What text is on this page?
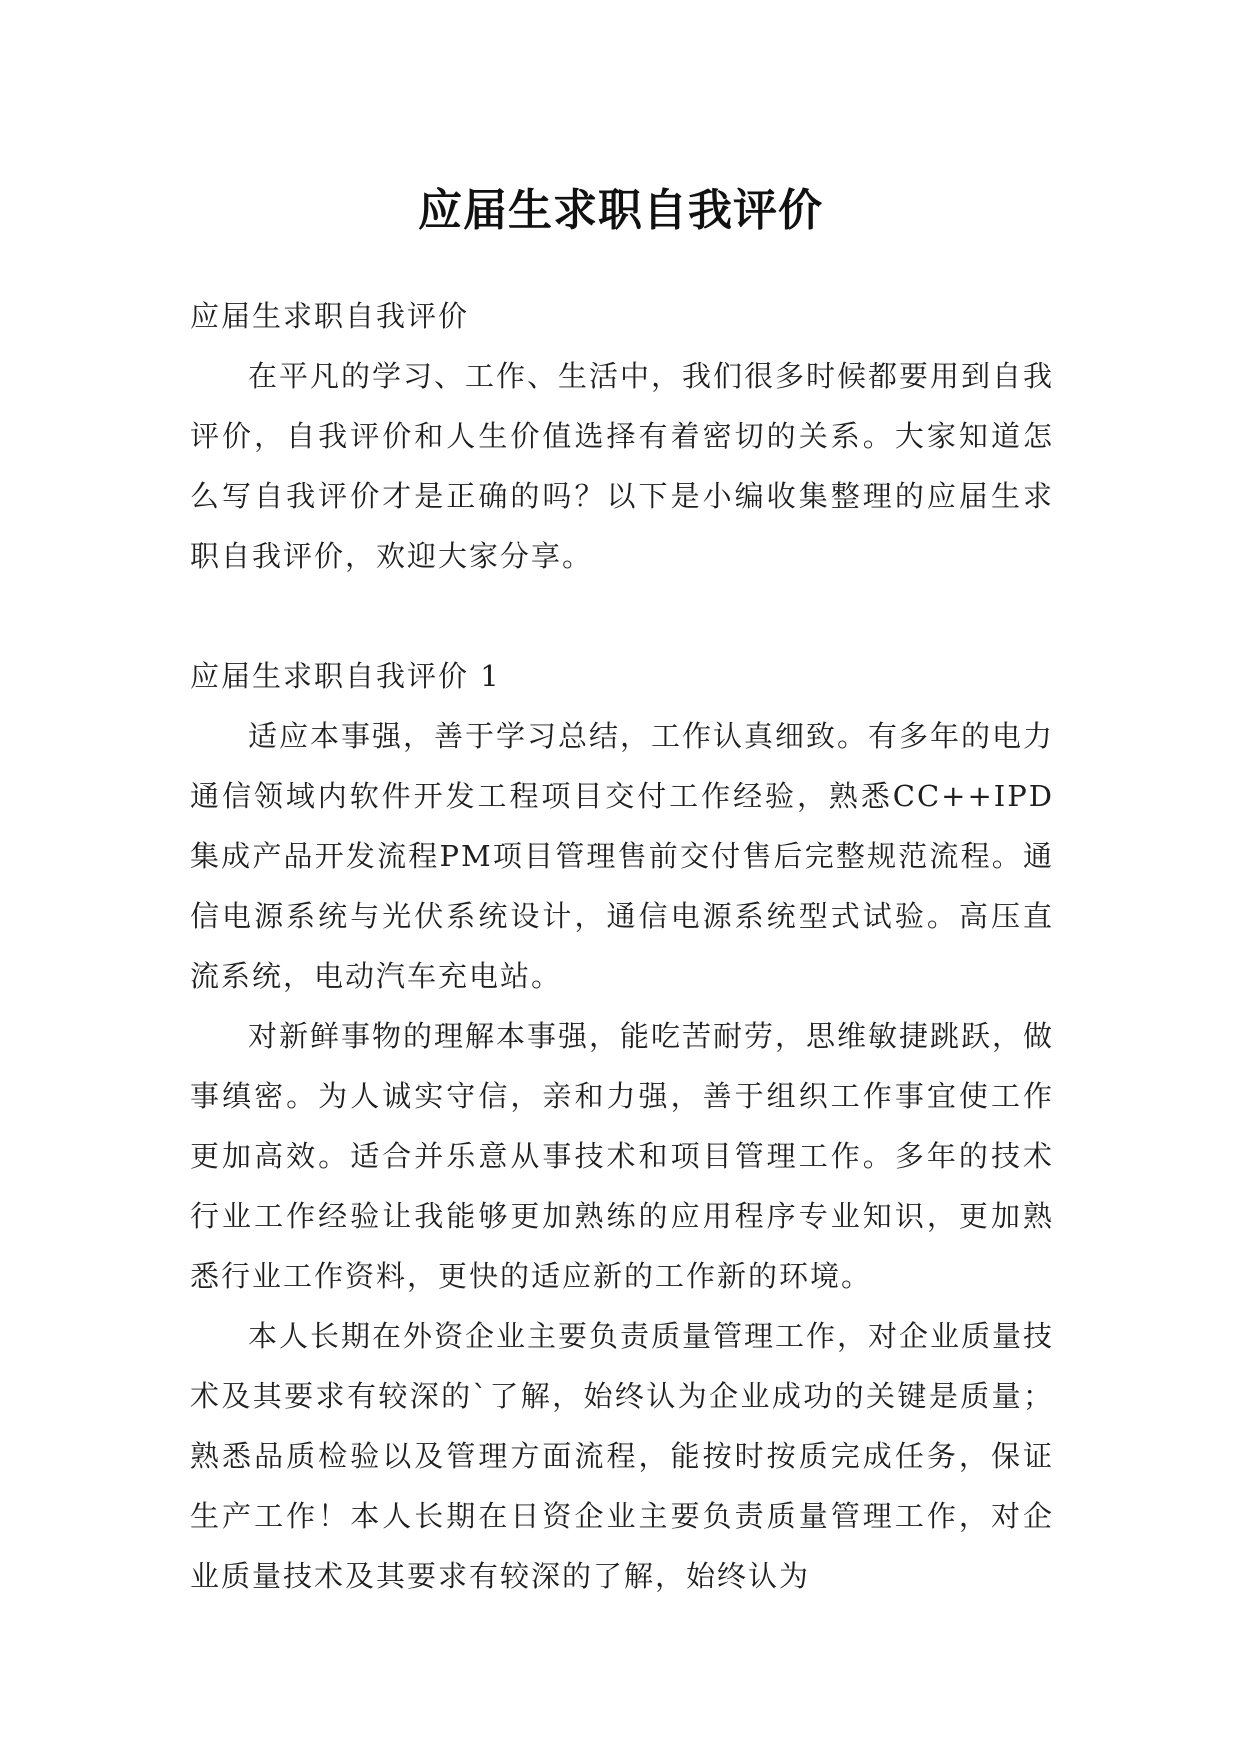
应届生求职自我评价

应届生求职自我评价

在平凡的学习、工作、生活中，我们很多时候都要用到自我评价，自我评价和人生价值选择有着密切的关系。大家知道怎么写自我评价才是正确的吗？以下是小编收集整理的应届生求职自我评价，欢迎大家分享。

应届生求职自我评价 1

适应本事强，善于学习总结，工作认真细致。有多年的电力通信领域内软件开发工程项目交付工作经验，熟悉CC++IPD集成产品开发流程PM项目管理售前交付售后完整规范流程。通信电源系统与光伏系统设计，通信电源系统型式试验。高压直流系统，电动汽车充电站。

对新鲜事物的理解本事强，能吃苦耐劳，思维敏捷跳跃，做事缜密。为人诚实守信，亲和力强，善于组织工作事宜使工作更加高效。适合并乐意从事技术和项目管理工作。多年的技术行业工作经验让我能够更加熟练的应用程序专业知识，更加熟悉行业工作资料，更快的适应新的工作新的环境。

本人长期在外资企业主要负责质量管理工作，对企业质量技术及其要求有较深的`了解，始终认为企业成功的关键是质量；熟悉品质检验以及管理方面流程，能按时按质完成任务，保证生产工作！本人长期在日资企业主要负责质量管理工作，对企业质量技术及其要求有较深的了解，始终认为
